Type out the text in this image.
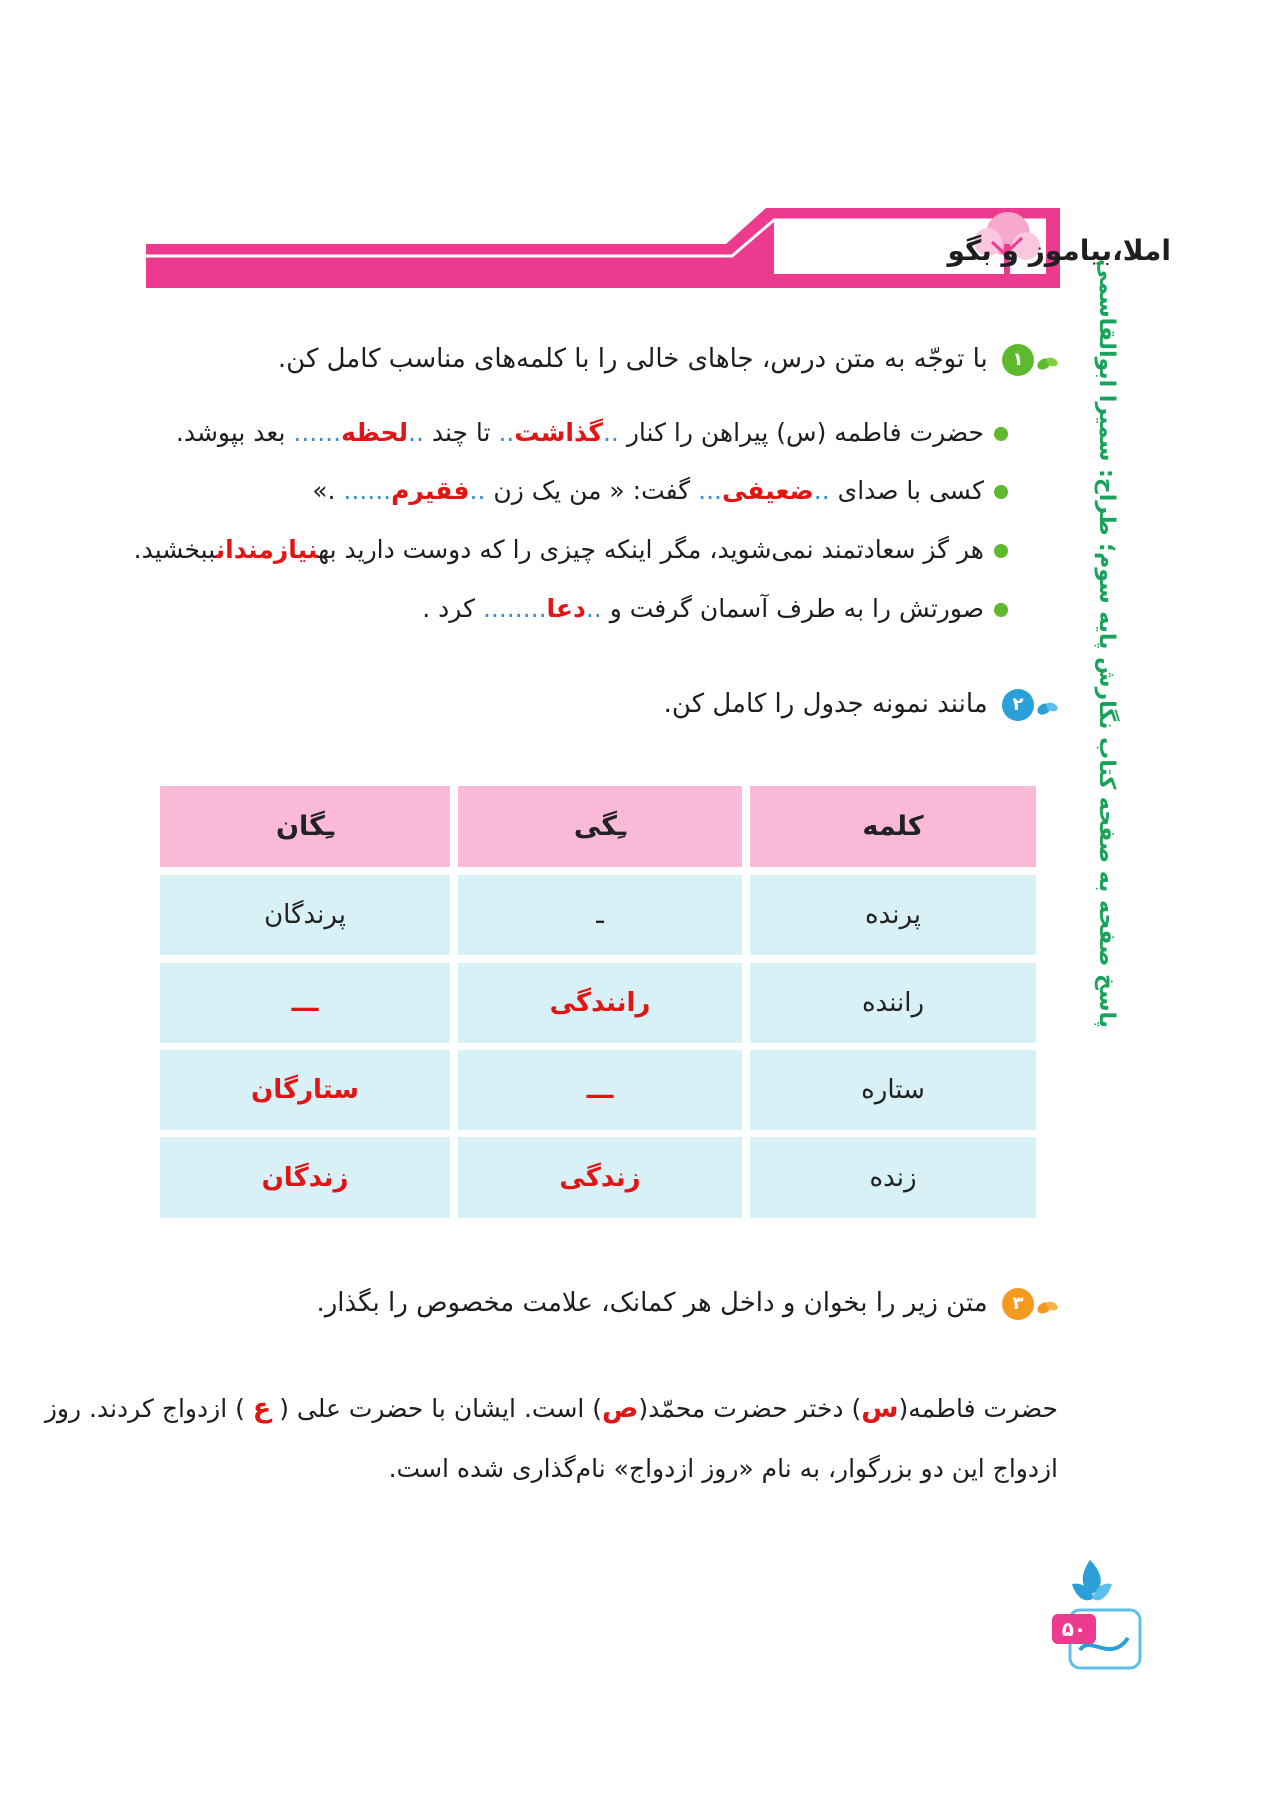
املا،بیاموز و بگو
پاسخ صفحه به صفحه کتاب نگارش پایه سوم؛ طراح: سمیرا ابوالقاسمی
۱ با توجّه به متن درس، جاهای خالی را با کلمه‌های مناسب کامل کن.
حضرت فاطمه (س) پیراهن را کنار ..گذاشت.. تا چند ..لحظه...... بعد بپوشد.
کسی با صدای ..ضعیفی... گفت: « من یک زن ..فقیرم...... .»
هر گز سعادتمند نمی‌شوید، مگر اینکه چیزی را که دوست دارید بهنیازمندانببخشید.
صورتش را به طرف آسمان گرفت و ..دعا........ کرد .
۲ مانند نمونه جدول را کامل کن.
کلمه
ـِگی
ـِگان
پرنده
ـ
پرندگان
راننده
رانندگی
ـــ
ستاره
ـــ
ستارگان
زنده
زندگی
زندگان
۳ متن زیر را بخوان و داخل هر کمانک، علامت مخصوص را بگذار.
حضرت فاطمه(س) دختر حضرت محمّد(ص) است. ایشان با حضرت علی ( ع ) ازدواج کردند. روز
ازدواج این دو بزرگوار، به نام «روز ازدواج» نام‌گذاری شده است.
۵۰
